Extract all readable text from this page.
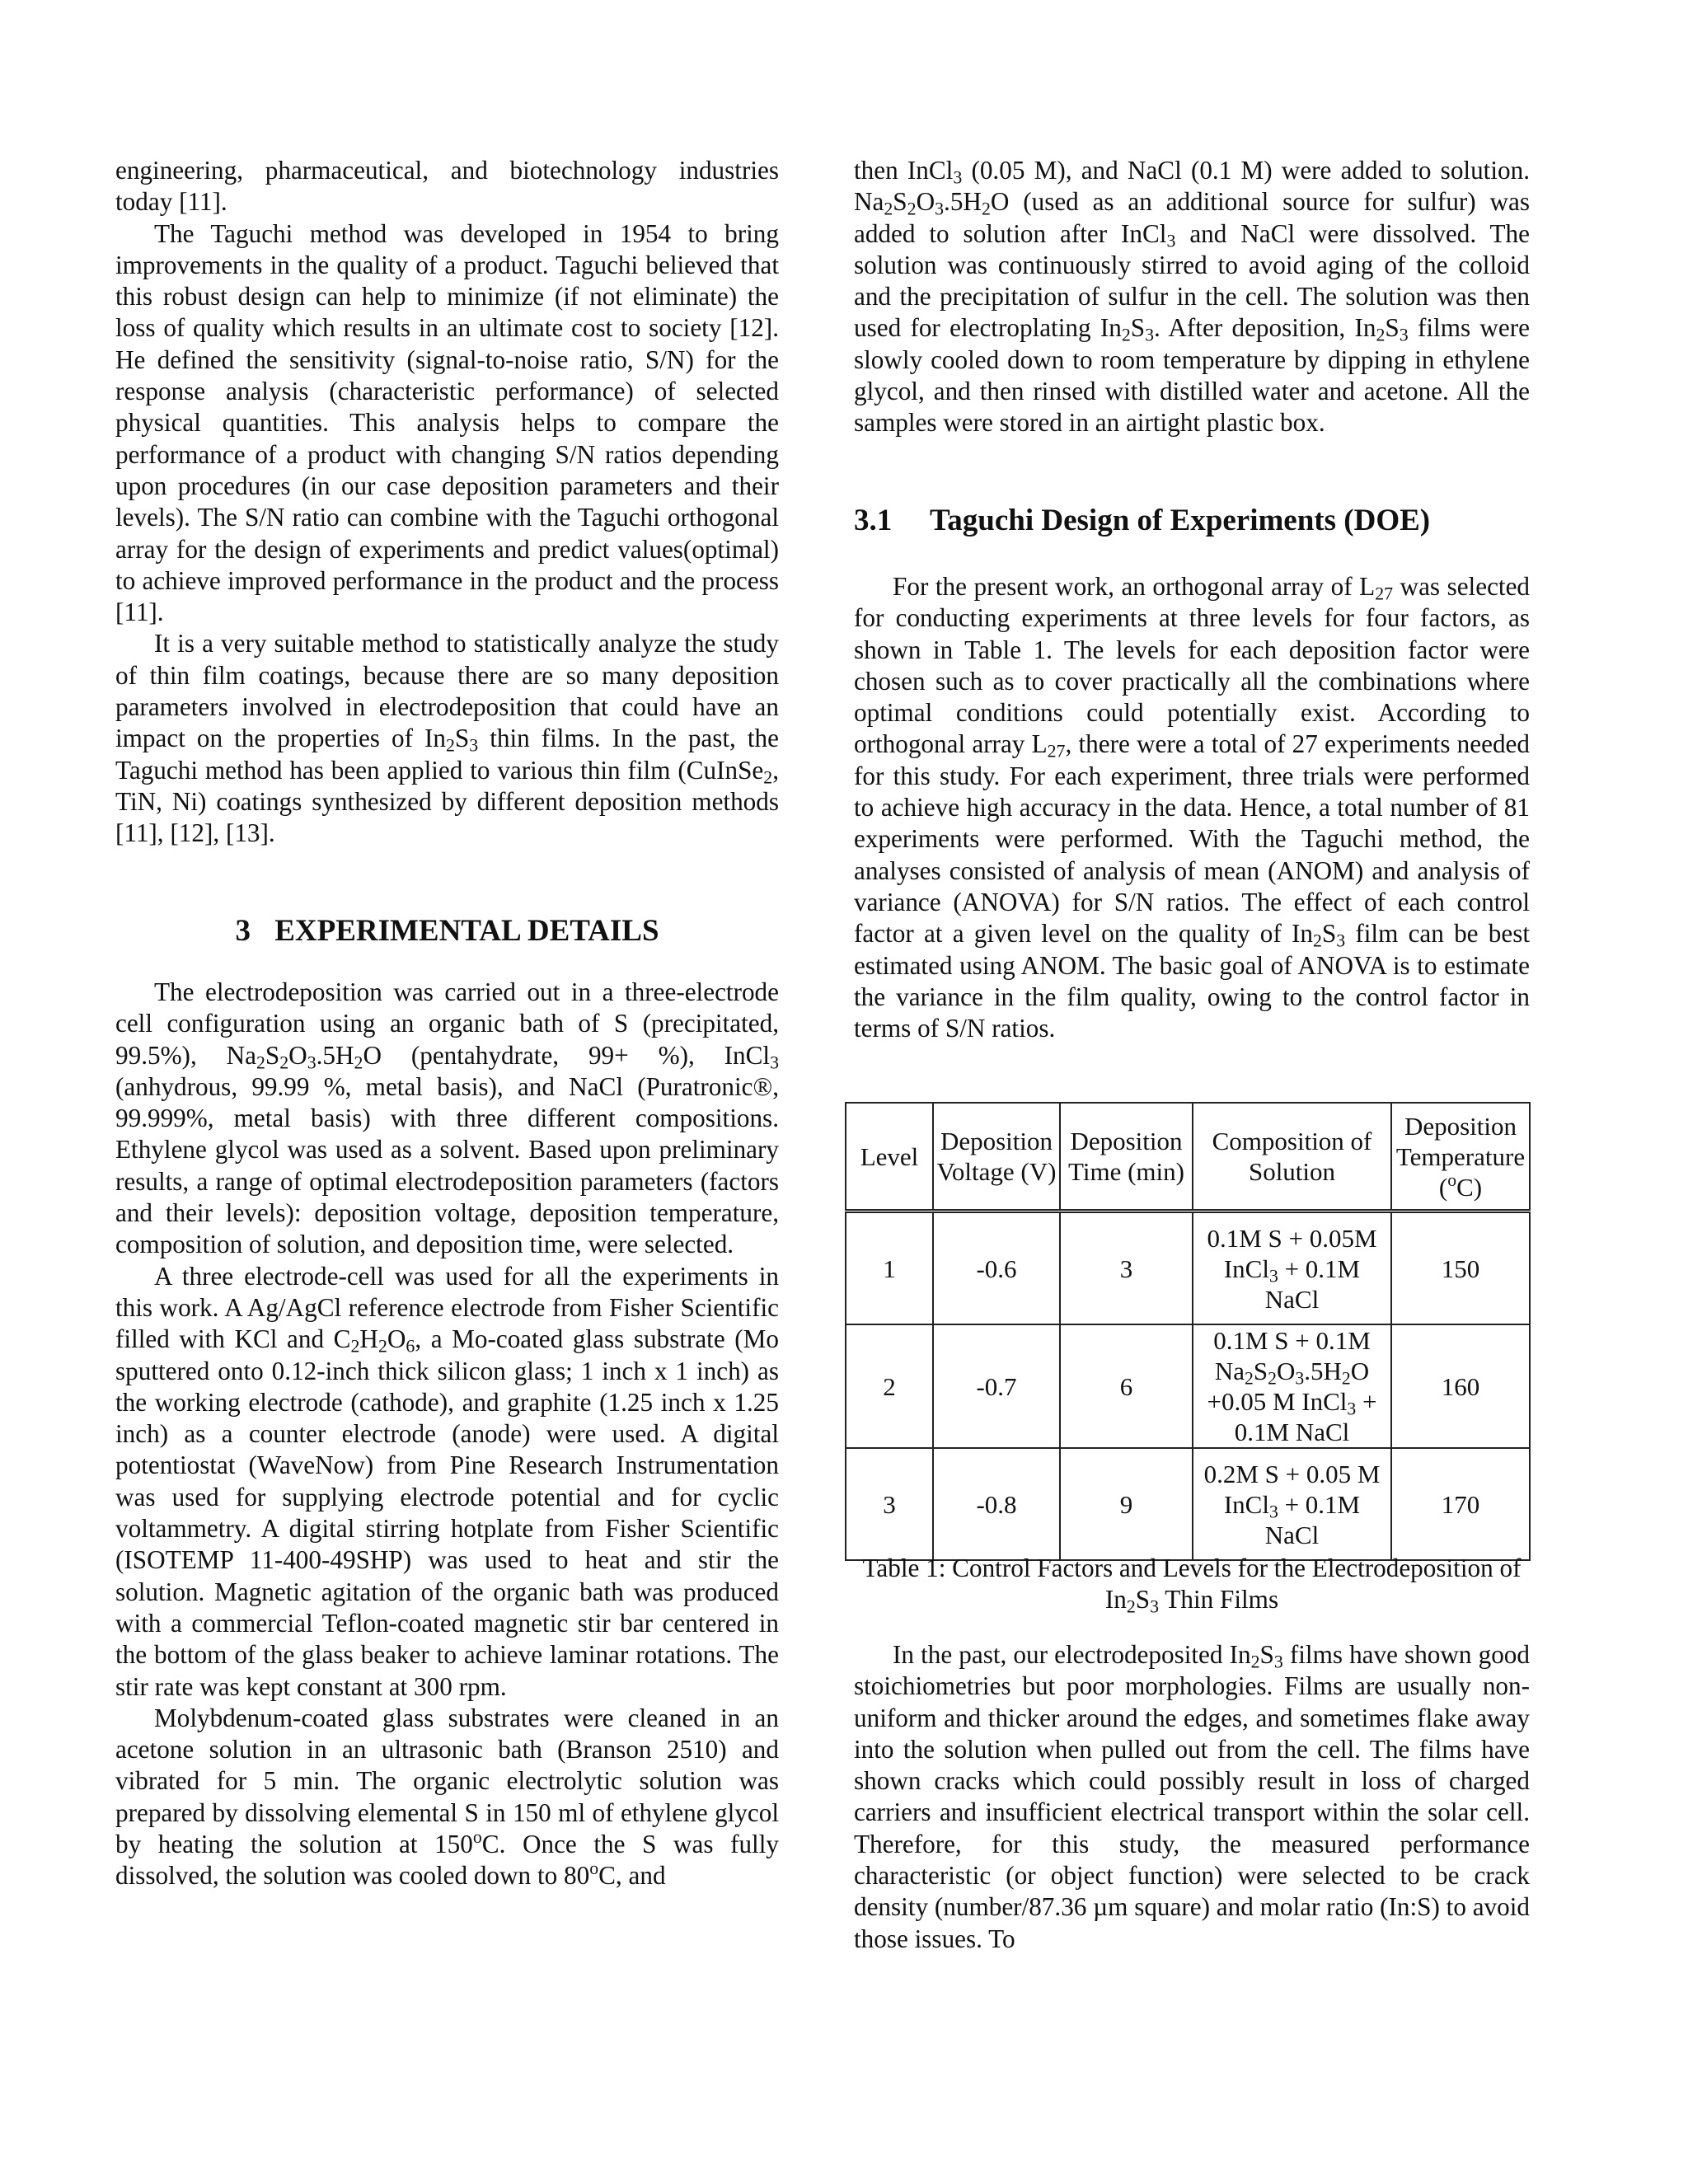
engineering, pharmaceutical, and biotechnology industries today [11].

The Taguchi method was developed in 1954 to bring improvements in the quality of a product. Taguchi believed that this robust design can help to minimize (if not eliminate) the loss of quality which results in an ultimate cost to society [12]. He defined the sensitivity (signal-to-noise ratio, S/N) for the response analysis (characteristic performance) of selected physical quantities. This analysis helps to compare the performance of a product with changing S/N ratios depending upon procedures (in our case deposition parameters and their levels). The S/N ratio can combine with the Taguchi orthogonal array for the design of experiments and predict values(optimal) to achieve improved performance in the product and the process [11].

It is a very suitable method to statistically analyze the study of thin film coatings, because there are so many deposition parameters involved in electrodeposition that could have an impact on the properties of $In_2S_3$ thin films. In the past, the Taguchi method has been applied to various thin film (CuInSe$_2$, TiN, Ni) coatings synthesized by different deposition methods [11], [12], [13].

3 EXPERIMENTAL DETAILS

The electrodeposition was carried out in a three-electrode cell configuration using an organic bath of S (precipitated, 99.5%), $Na_2S_2O_3.5H_2O$ (pentahydrate, 99+ %), InCl$_3$ (anhydrous, 99.99 %, metal basis), and NaCl (Puratronic®, 99.999%, metal basis) with three different compositions. Ethylene glycol was used as a solvent. Based upon preliminary results, a range of optimal electrodeposition parameters (factors and their levels): deposition voltage, deposition temperature, composition of solution, and deposition time, were selected.

A three electrode-cell was used for all the experiments in this work. A Ag/AgCl reference electrode from Fisher Scientific filled with KCl and $C_2H_2O_6$, a Mo-coated glass substrate (Mo sputtered onto 0.12-inch thick silicon glass; 1 inch x 1 inch) as the working electrode (cathode), and graphite (1.25 inch x 1.25 inch) as a counter electrode (anode) were used. A digital potentiostat (WaveNow) from Pine Research Instrumentation was used for supplying electrode potential and for cyclic voltammetry. A digital stirring hotplate from Fisher Scientific (ISOTEMP 11-400-49SHP) was used to heat and stir the solution. Magnetic agitation of the organic bath was produced with a commercial Teflon-coated magnetic stir bar centered in the bottom of the glass beaker to achieve laminar rotations. The stir rate was kept constant at 300 rpm.

Molybdenum-coated glass substrates were cleaned in an acetone solution in an ultrasonic bath (Branson 2510) and vibrated for 5 min. The organic electrolytic solution was prepared by dissolving elemental S in 150 ml of ethylene glycol by heating the solution at 150$^o$C. Once the S was fully dissolved, the solution was cooled down to 80$^o$C, and

then InCl$_3$ (0.05 M), and NaCl (0.1 M) were added to solution. $Na_2S_2O_3.5H_2O$ (used as an additional source for sulfur) was added to solution after InCl$_3$ and NaCl were dissolved. The solution was continuously stirred to avoid aging of the colloid and the precipitation of sulfur in the cell. The solution was then used for electroplating $In_2S_3$. After deposition, $In_2S_3$ films were slowly cooled down to room temperature by dipping in ethylene glycol, and then rinsed with distilled water and acetone. All the samples were stored in an airtight plastic box.

3.1 Taguchi Design of Experiments (DOE)

For the present work, an orthogonal array of $L_{27}$ was selected for conducting experiments at three levels for four factors, as shown in Table 1. The levels for each deposition factor were chosen such as to cover practically all the combinations where optimal conditions could potentially exist. According to orthogonal array $L_{27}$, there were a total of 27 experiments needed for this study. For each experiment, three trials were performed to achieve high accuracy in the data. Hence, a total number of 81 experiments were performed. With the Taguchi method, the analyses consisted of analysis of mean (ANOM) and analysis of variance (ANOVA) for S/N ratios. The effect of each control factor at a given level on the quality of $In_2S_3$ film can be best estimated using ANOM. The basic goal of ANOVA is to estimate the variance in the film quality, owing to the control factor in terms of S/N ratios.

Level	Deposition Voltage (V)	Deposition Time (min)	Composition of Solution	Deposition Temperature ($^o$C)
1	-0.6	3	0.1M S + 0.05M InCl$_3$ + 0.1M NaCl	150
2	-0.7	6	0.1M S + 0.1M $Na_2S_2O_3.5H_2O +0.05$ M InCl$_3$ + 0.1M NaCl	160
3	-0.8	9	0.2M S + 0.05 M InCl$_3$ + 0.1M NaCl	170
Table 1: Control Factors and Levels for the Electrodeposition of $In_2S_3$ Thin Films

In the past, our electrodeposited $In_2S_3$ films have shown good stoichiometries but poor morphologies. Films are usually non-uniform and thicker around the edges, and sometimes flake away into the solution when pulled out from the cell. The films have shown cracks which could possibly result in loss of charged carriers and insufficient electrical transport within the solar cell. Therefore, for this study, the measured performance characteristic (or object function) were selected to be crack density (number/87.36 µm square) and molar ratio (In:S) to avoid those issues. To
